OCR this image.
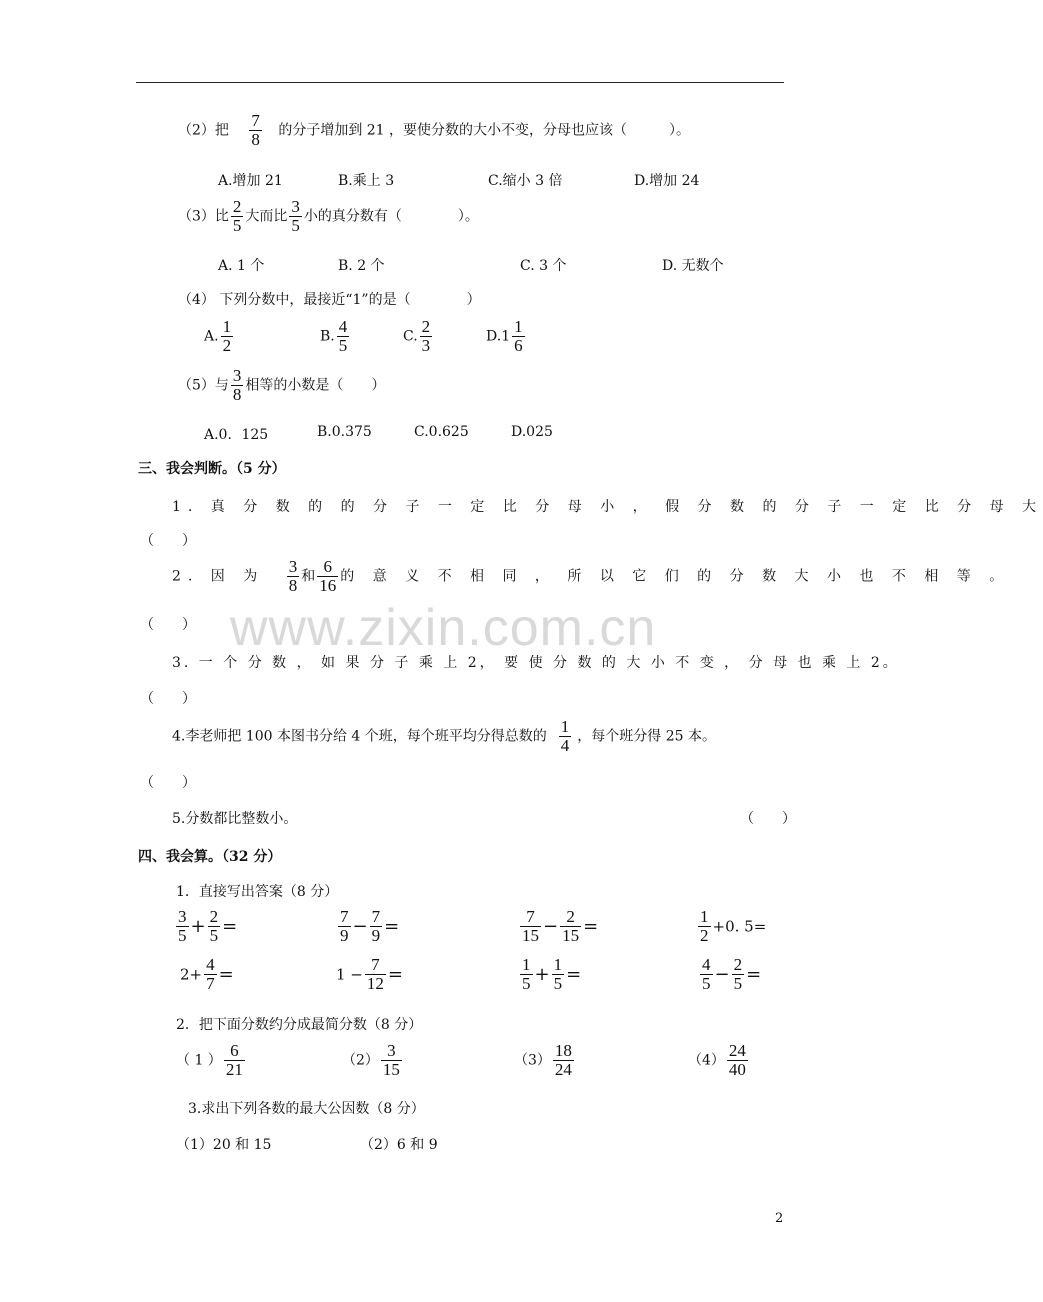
（2）把 $\frac{7}{8}$ 的分子增加到 21 ，要使分数的大小不变，分母也应该（　　　）。
A.增加 21	B.乘上 3	C.缩小 3 倍	D.增加 24
（3）比 $\frac{2}{5}$ 大而比 $\frac{3}{5}$ 小的真分数有（　　　　）。
A. 1 个	B. 2 个	C. 3 个	D. 无数个
（4） 下列分数中，最接近“1”的是（　　　　）
A. $\frac{1}{2}$	B. $\frac{4}{5}$	C. $\frac{2}{3}$	$D.1 \frac{1}{6}$
（5）与 $\frac{3}{8}$ 相等的小数是（　　）
A.0．125	B.0.375	C.0.625	D.025
三、我会判断。（5 分）
1. 真 分 数 的 的 分 子 一 定 比 分 母 小 ， 假 分 数 的 分 子 一 定 比 分 母 大
（　　）
2. 因 为 $\frac{3}{8}$ 和 $\frac{6}{16}$ 的 意 义 不 相 同 ， 所 以 它 们 的 分 数 大 小 也 不 相 等 。
（　　）
3. 一 个 分 数 ， 如 果 分 子 乘 上 2， 要 使 分 数 的 大 小 不 变 ， 分 母 也 乘 上 2。
（　　）
4.李老师把 100 本图书分给 4 个班，每个班平均分得总数的 $\frac{1}{4}$ ，每个班分得 25 本。
（　　）
5.分数都比整数小。	（　　）
四、我会算。（32 分）
1．直接写出答案（8 分）
$\frac{3}{5} + \frac{2}{5}$ =	$\frac{7}{9} - \frac{7}{9}$ =	$\frac{7}{15} - \frac{2}{15}$ =	$\frac{1}{2} +0$. 5=
$2+ \frac{4}{7}$ =	$1 - \frac{7}{12}$ =	$\frac{1}{5} + \frac{1}{5}$ =	$\frac{4}{5} - \frac{2}{5}$ =
2．把下面分数约分成最简分数（8 分）
（ 1 ） $\frac{6}{21}$	$(2) \frac{3}{15}$	$(3) \frac{18}{24}$	$(4) \frac{24}{40}$
3.求出下列各数的最大公因数（8 分）
（1）20 和 15	（2）6 和 9
www.zixin.com.cn
2
